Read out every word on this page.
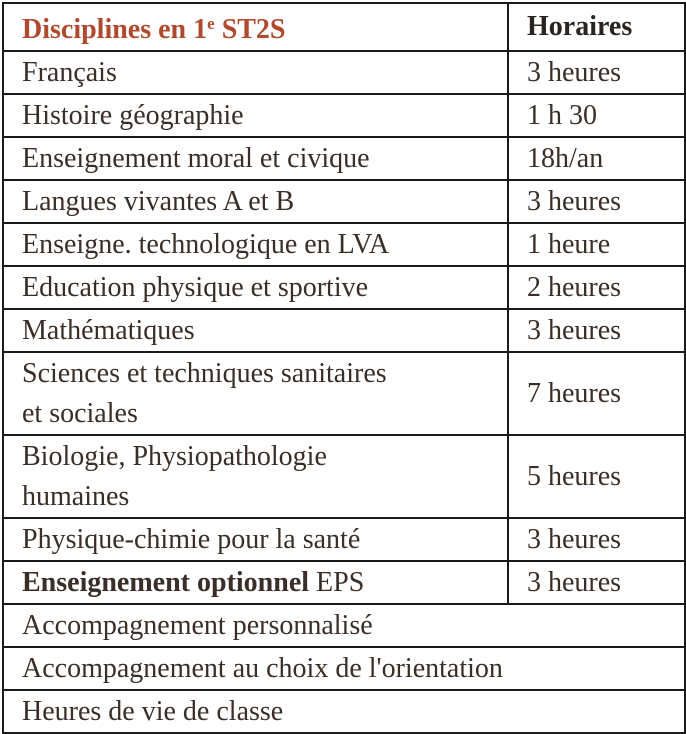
Disciplines en 1e ST2S	Horaires
Français	3 heures
Histoire géographie	1 h 30
Enseignement moral et civique	18h/an
Langues vivantes A et B	3 heures
Enseigne. technologique en LVA	1 heure
Education physique et sportive	2 heures
Mathématiques	3 heures
Sciences et techniques sanitaires
et sociales	7 heures
Biologie, Physiopathologie
humaines	5 heures
Physique-chimie pour la santé	3 heures
Enseignement optionnel EPS	3 heures
Accompagnement personnalisé	
Accompagnement au choix de l'orientation	
Heures de vie de classe	
